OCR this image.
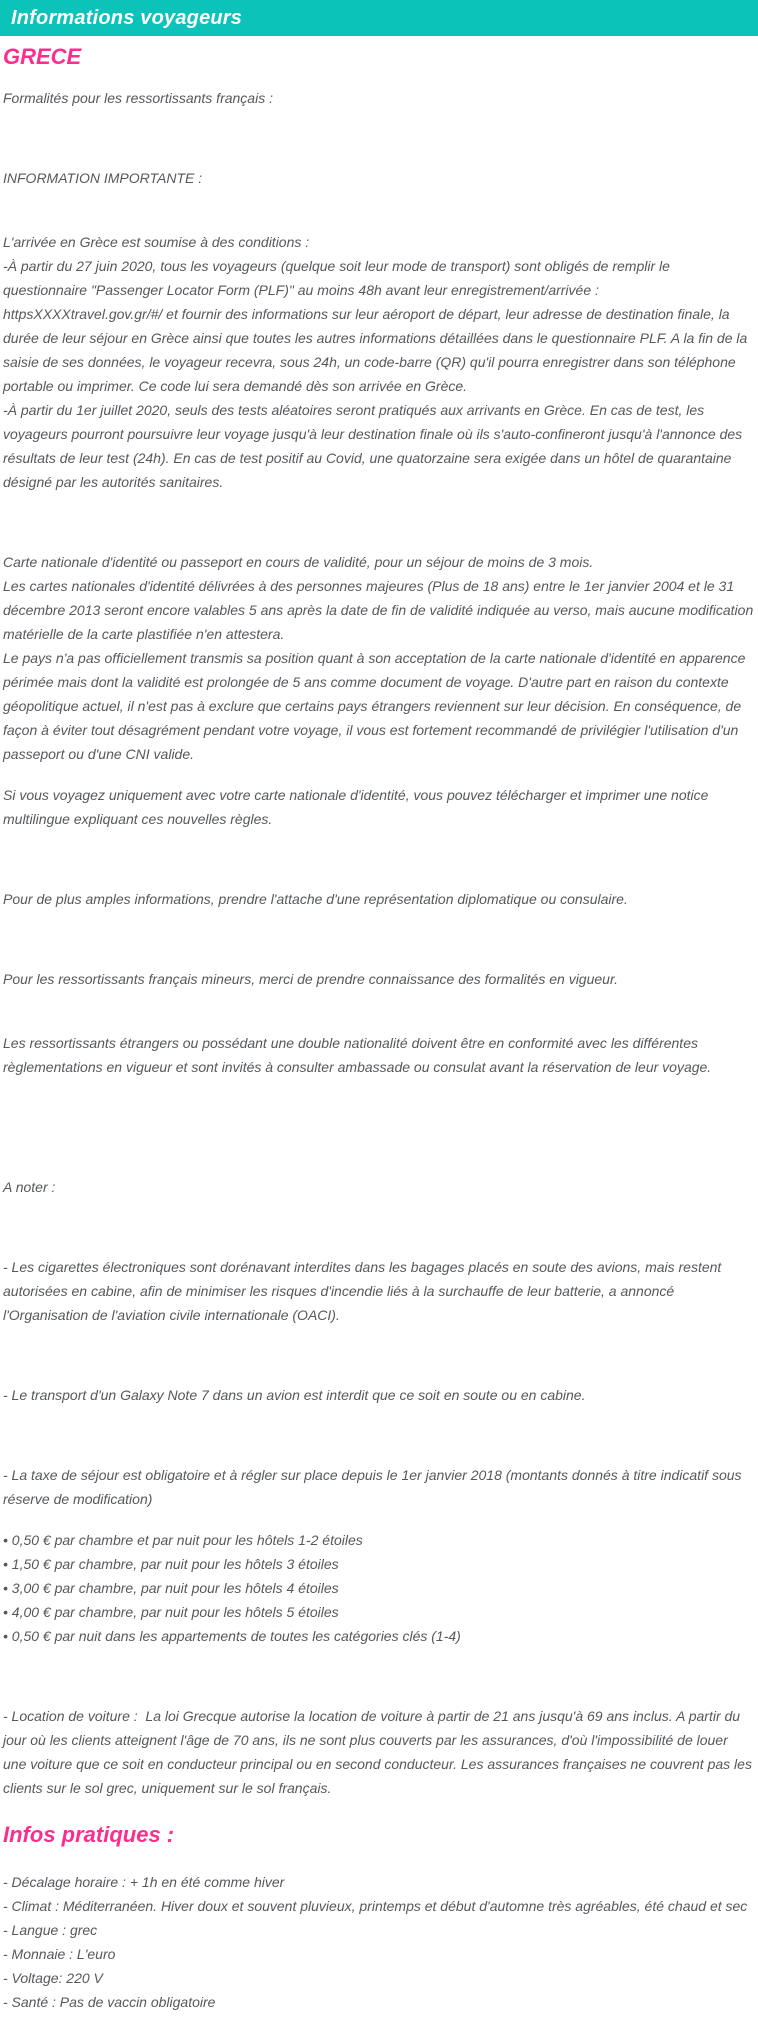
Informations voyageurs
GRECE

Formalités pour les ressortissants français :

INFORMATION IMPORTANTE :

L'arrivée en Grèce est soumise à des conditions :

-À partir du 27 juin 2020, tous les voyageurs (quelque soit leur mode de transport) sont obligés de remplir le questionnaire "Passenger Locator Form (PLF)" au moins 48h avant leur enregistrement/arrivée : httpsXXXXtravel.gov.gr/#/ et fournir des informations sur leur aéroport de départ, leur adresse de destination finale, la durée de leur séjour en Grèce ainsi que toutes les autres informations détaillées dans le questionnaire PLF. A la fin de la saisie de ses données, le voyageur recevra, sous 24h, un code-barre (QR) qu'il pourra enregistrer dans son téléphone portable ou imprimer. Ce code lui sera demandé dès son arrivée en Grèce.

-À partir du 1er juillet 2020, seuls des tests aléatoires seront pratiqués aux arrivants en Grèce. En cas de test, les voyageurs pourront poursuivre leur voyage jusqu'à leur destination finale où ils s'auto-confineront jusqu'à l'annonce des résultats de leur test (24h). En cas de test positif au Covid, une quatorzaine sera exigée dans un hôtel de quarantaine désigné par les autorités sanitaires.

Carte nationale d'identité ou passeport en cours de validité, pour un séjour de moins de 3 mois.

Les cartes nationales d'identité délivrées à des personnes majeures (Plus de 18 ans) entre le 1er janvier 2004 et le 31 décembre 2013 seront encore valables 5 ans après la date de fin de validité indiquée au verso, mais aucune modification matérielle de la carte plastifiée n'en attestera.

Le pays n'a pas officiellement transmis sa position quant à son acceptation de la carte nationale d'identité en apparence périmée mais dont la validité est prolongée de 5 ans comme document de voyage. D'autre part en raison du contexte géopolitique actuel, il n'est pas à exclure que certains pays étrangers reviennent sur leur décision. En conséquence, de façon à éviter tout désagrément pendant votre voyage, il vous est fortement recommandé de privilégier l'utilisation d'un passeport ou d'une CNI valide.

Si vous voyagez uniquement avec votre carte nationale d'identité, vous pouvez télécharger et imprimer une notice multilingue expliquant ces nouvelles règles.

Pour de plus amples informations, prendre l'attache d'une représentation diplomatique ou consulaire.

Pour les ressortissants français mineurs, merci de prendre connaissance des formalités en vigueur.

Les ressortissants étrangers ou possédant une double nationalité doivent être en conformité avec les différentes règlementations en vigueur et sont invités à consulter ambassade ou consulat avant la réservation de leur voyage.

A noter :

- Les cigarettes électroniques sont dorénavant interdites dans les bagages placés en soute des avions, mais restent autorisées en cabine, afin de minimiser les risques d'incendie liés à la surchauffe de leur batterie, a annoncé l'Organisation de l'aviation civile internationale (OACI).

- Le transport d'un Galaxy Note 7 dans un avion est interdit que ce soit en soute ou en cabine.

- La taxe de séjour est obligatoire et à régler sur place depuis le 1er janvier 2018 (montants donnés à titre indicatif sous réserve de modification)

• 0,50 € par chambre et par nuit pour les hôtels 1-2 étoiles

• 1,50 € par chambre, par nuit pour les hôtels 3 étoiles

• 3,00 € par chambre, par nuit pour les hôtels 4 étoiles

• 4,00 € par chambre, par nuit pour les hôtels 5 étoiles

• 0,50 € par nuit dans les appartements de toutes les catégories clés (1-4)

- Location de voiture :  La loi Grecque autorise la location de voiture à partir de 21 ans jusqu'à 69 ans inclus. A partir du jour où les clients atteignent l'âge de 70 ans, ils ne sont plus couverts par les assurances, d'où l'impossibilité de louer une voiture que ce soit en conducteur principal ou en second conducteur. Les assurances françaises ne couvrent pas les clients sur le sol grec, uniquement sur le sol français.

Infos pratiques :

- Décalage horaire : + 1h en été comme hiver

- Climat : Méditerranéen. Hiver doux et souvent pluvieux, printemps et début d'automne très agréables, été chaud et sec

- Langue : grec

- Monnaie : L'euro

- Voltage: 220 V

- Santé : Pas de vaccin obligatoire
